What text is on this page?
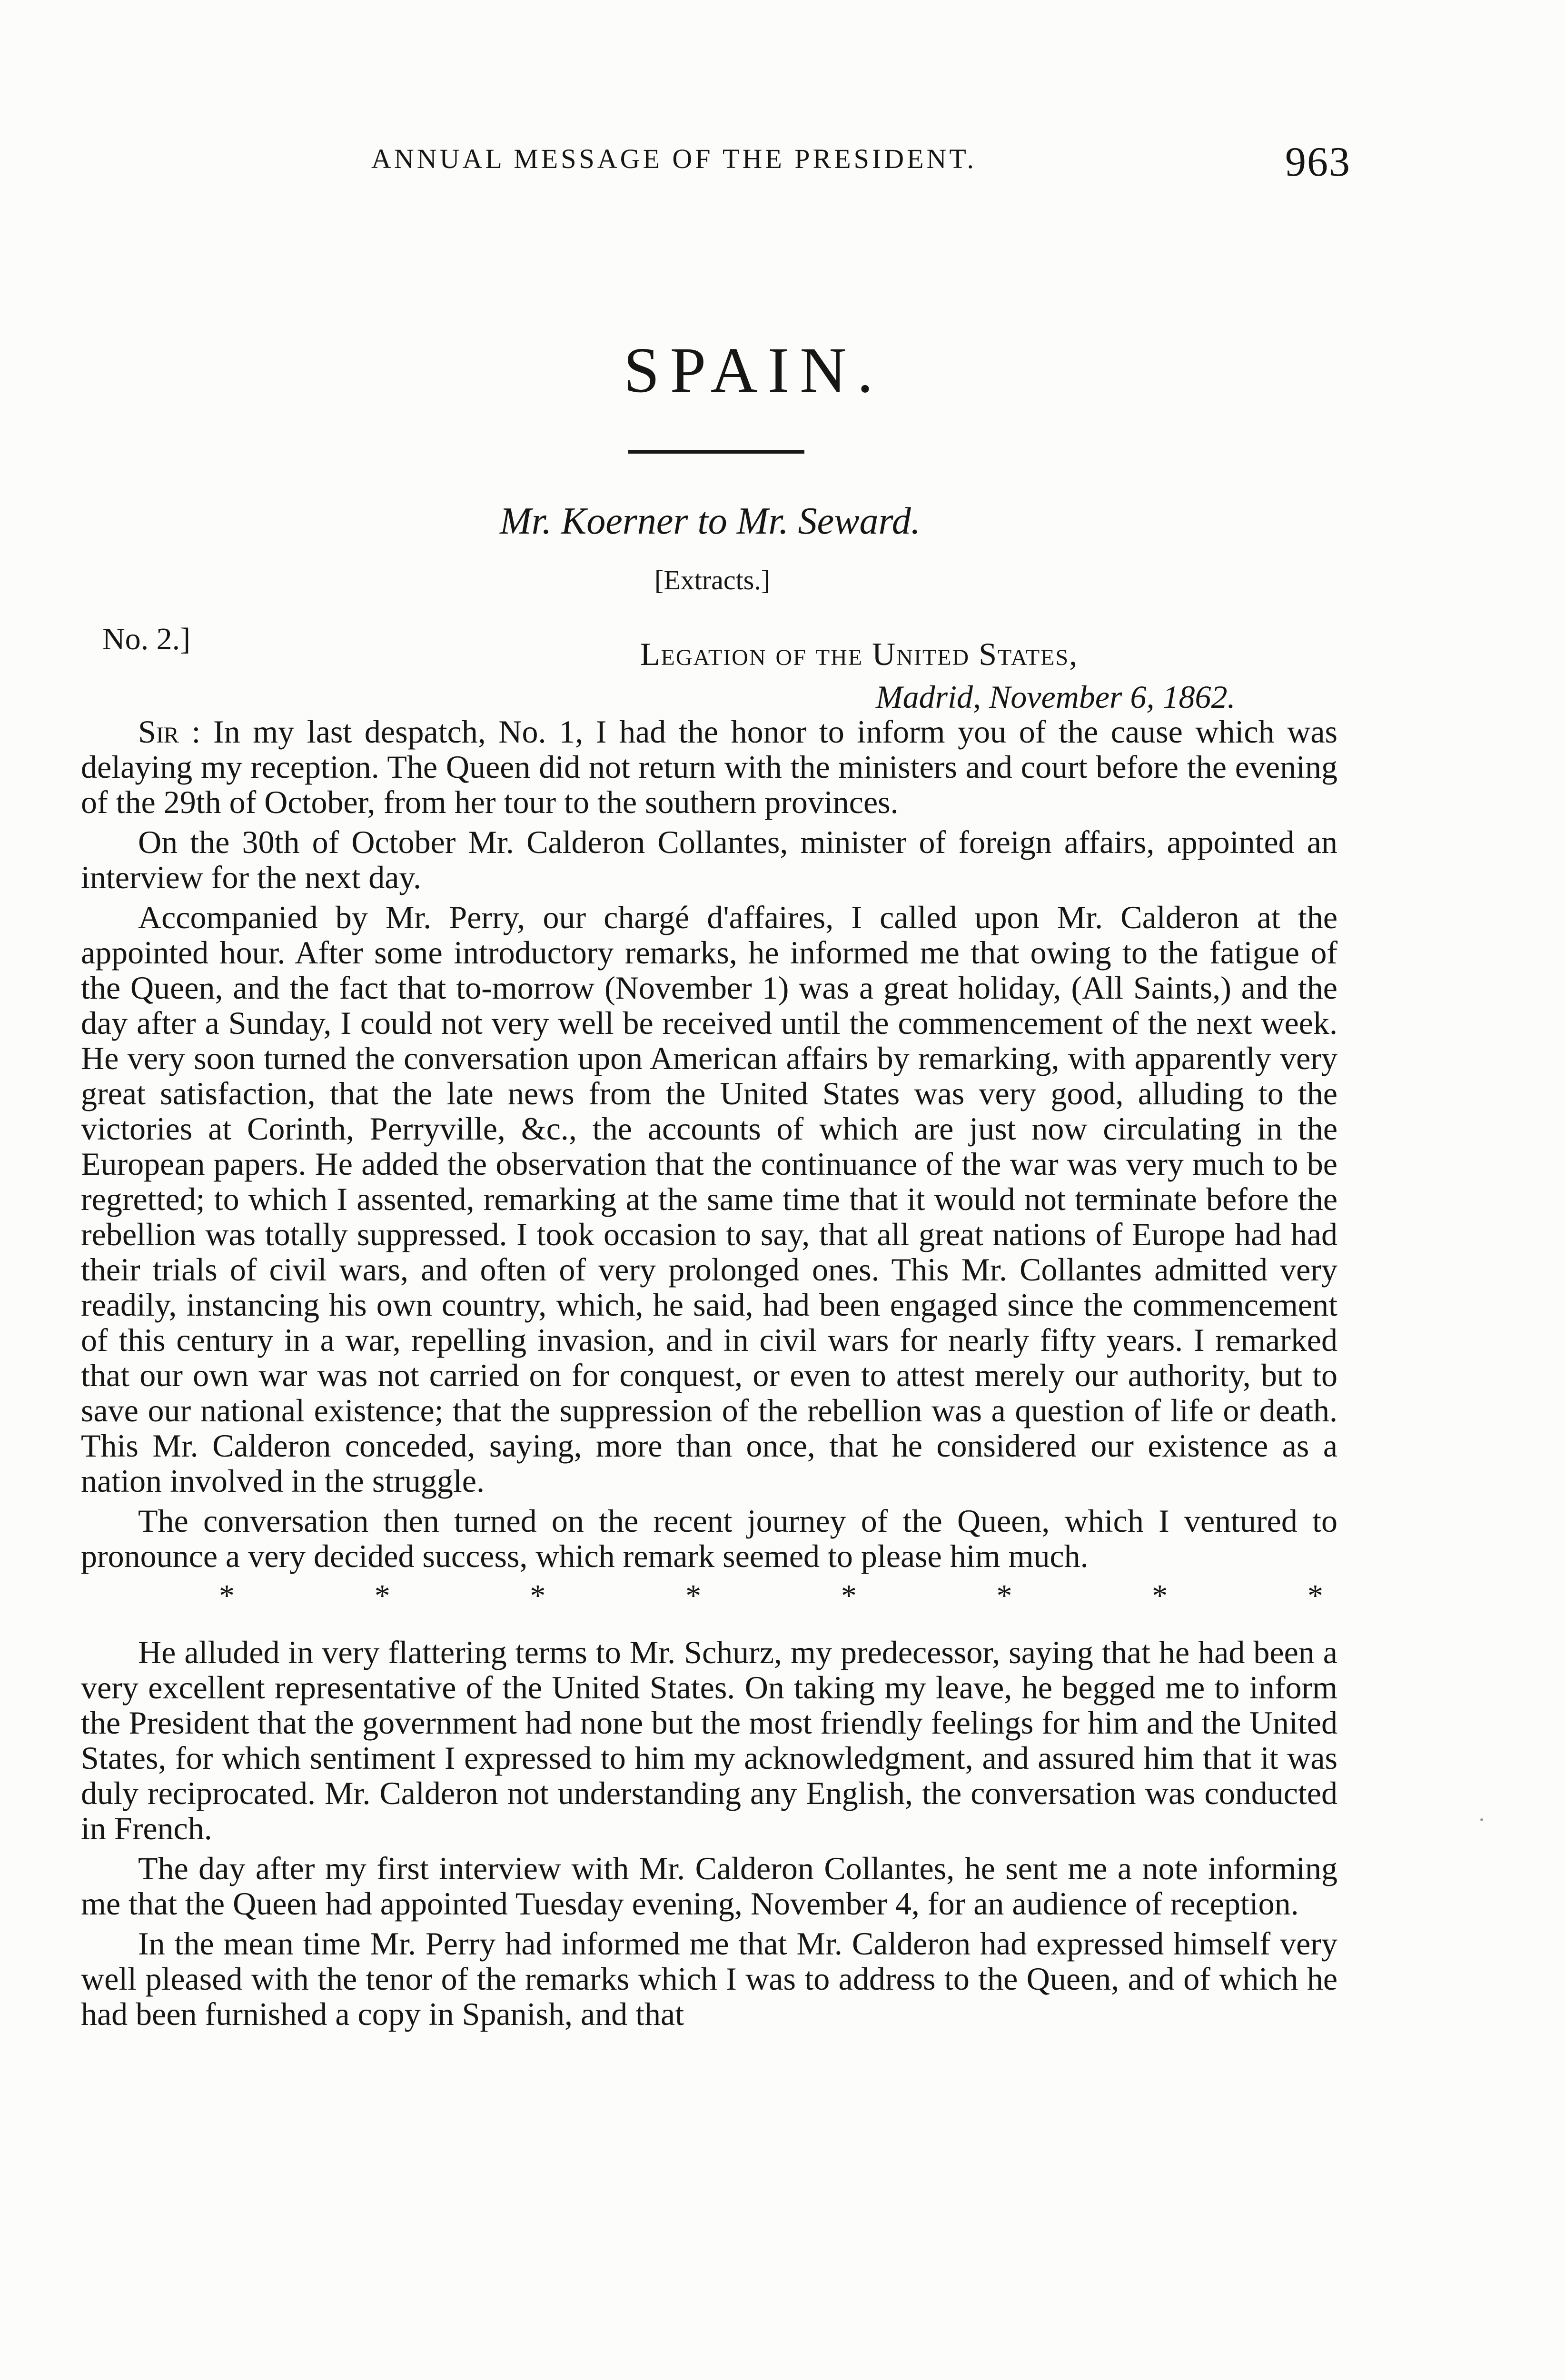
ANNUAL MESSAGE OF THE PRESIDENT.	963
SPAIN.
Mr. Koerner to Mr. Seward.
[Extracts.]
No. 2.]	Legation of the United States,
Madrid, November 6, 1862.

Sir : In my last despatch, No. 1, I had the honor to inform you of the cause which was delaying my reception. The Queen did not return with the ministers and court before the evening of the 29th of October, from her tour to the southern provinces.

On the 30th of October Mr. Calderon Collantes, minister of foreign affairs, appointed an interview for the next day.

Accompanied by Mr. Perry, our chargé d'affaires, I called upon Mr. Calderon at the appointed hour. After some introductory remarks, he informed me that owing to the fatigue of the Queen, and the fact that to-morrow (November 1) was a great holiday, (All Saints,) and the day after a Sunday, I could not very well be received until the commencement of the next week. He very soon turned the conversation upon American affairs by remarking, with apparently very great satisfaction, that the late news from the United States was very good, alluding to the victories at Corinth, Perryville, &c., the accounts of which are just now circulating in the European papers. He added the observation that the continuance of the war was very much to be regretted; to which I assented, remarking at the same time that it would not terminate before the rebellion was totally suppressed. I took occasion to say, that all great nations of Europe had had their trials of civil wars, and often of very prolonged ones. This Mr. Collantes admitted very readily, instancing his own country, which, he said, had been engaged since the commencement of this century in a war, repelling invasion, and in civil wars for nearly fifty years. I remarked that our own war was not carried on for conquest, or even to attest merely our authority, but to save our national existence; that the suppression of the rebellion was a question of life or death. This Mr. Calderon conceded, saying, more than once, that he considered our existence as a nation involved in the struggle.

The conversation then turned on the recent journey of the Queen, which I ventured to pronounce a very decided success, which remark seemed to please him much.

*	*	*	*	*	*	*	*

He alluded in very flattering terms to Mr. Schurz, my predecessor, saying that he had been a very excellent representative of the United States. On taking my leave, he begged me to inform the President that the government had none but the most friendly feelings for him and the United States, for which sentiment I expressed to him my acknowledgment, and assured him that it was duly reciprocated. Mr. Calderon not understanding any English, the conversation was conducted in French.

The day after my first interview with Mr. Calderon Collantes, he sent me a note informing me that the Queen had appointed Tuesday evening, November 4, for an audience of reception.

In the mean time Mr. Perry had informed me that Mr. Calderon had expressed himself very well pleased with the tenor of the remarks which I was to address to the Queen, and of which he had been furnished a copy in Spanish, and that
